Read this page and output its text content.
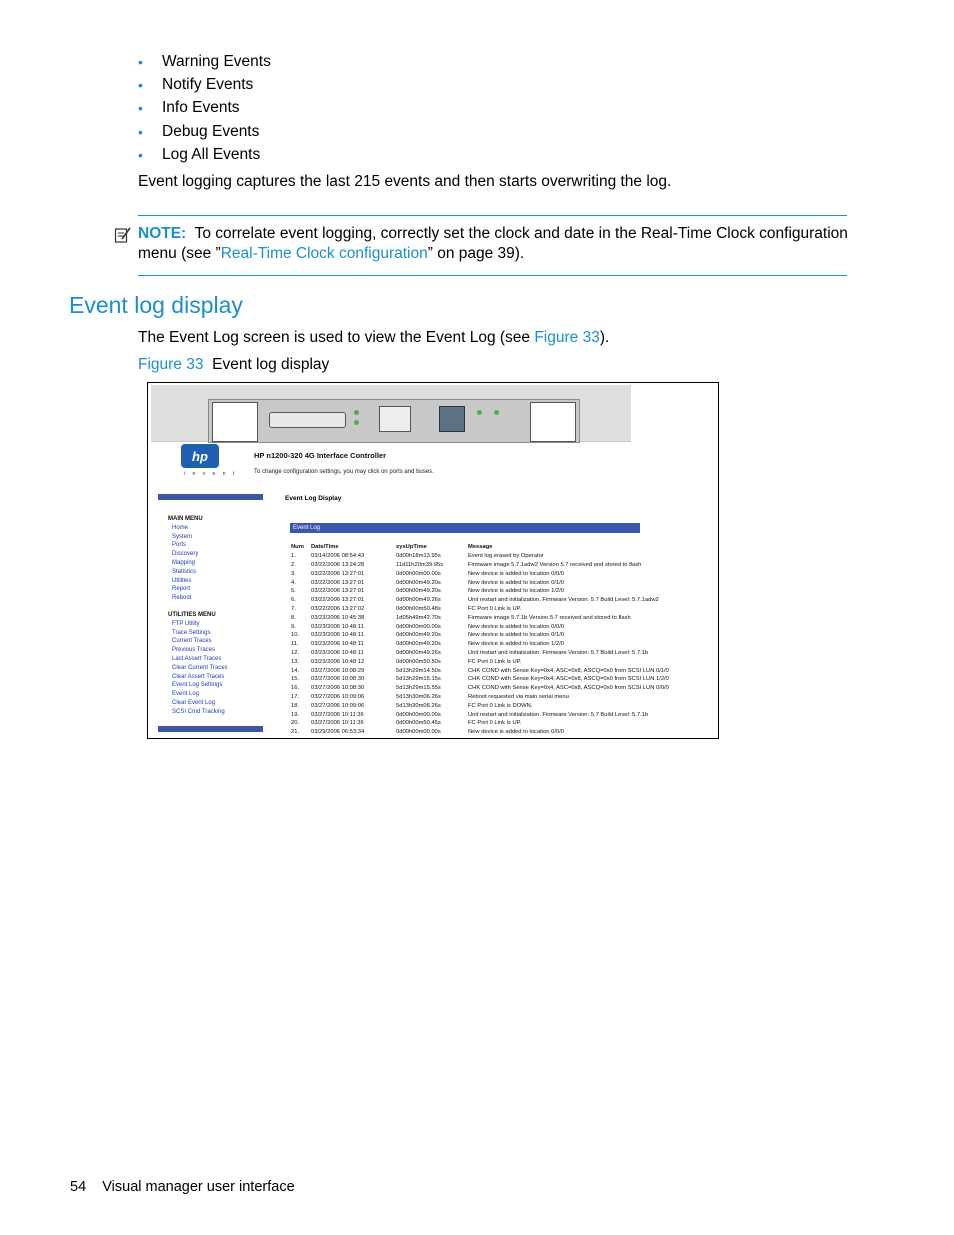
•	Warning Events
•	Notify Events
•	Info Events
•	Debug Events
•	Log All Events
Event logging captures the last 215 events and then starts overwriting the log.
NOTE: To correlate event logging, correctly set the clock and date in the Real-Time Clock configuration menu (see ”Real-Time Clock configuration” on page 39).
Event log display
The Event Log screen is used to view the Event Log (see Figure 33).
Figure 33 Event log display
hp
i n v e n t
HP n1200-320 4G Interface Controller
To change configuration settings, you may click on ports and buses.
Event Log Display
MAIN MENU
Home
System
Ports
Discovery
Mapping
Statistics
Utilities
Report
Reboot
UTILITIES MENU
FTP Utility
Trace Settings
Current Traces
Previous Traces
Last Assert Traces
Clear Current Traces
Clear Assert Traces
Event Log Settings
Event Log
Clear Event Log
SCSI Cmd Tracking
Event Log
Num	Date/Time	sysUpTime	Message
1.	03/14/2006 08:54:43	0d00h18m13.95s	Event log erased by Operator
2.	03/22/2006 13:24:28	11d11h20m39.95s	Firmware image 5.7.1adw2 Version 5.7 received and stored to flash
3.	03/22/2006 13:27:01	0d00h00m00.00s	New device is added to location 0/0/0
4.	03/22/2006 13:27:01	0d00h00m49.20s	New device is added to location 0/1/0
5.	03/22/2006 13:27:01	0d00h00m49.20s	New device is added to location 1/2/0
6.	03/22/2006 13:27:01	0d00h00m49.26s	Unit restart and initialization. Firmware Version: 5.7 Build Level: 5.7.1adw2
7.	03/22/2006 13:27:02	0d00h00m50.48s	FC Port 0 Link is UP.
8.	03/23/2006 10:45:38	1d05h49m42.70s	Firmware image 5.7.1b Version 5.7 received and stored to flash
9.	03/23/2006 10:48:11	0d00h00m00.00s	New device is added to location 0/0/0
10.	03/23/2006 10:48:11	0d00h00m49.20s	New device is added to location 0/1/0
11.	03/23/2006 10:48:11	0d00h00m49.20s	New device is added to location 1/2/0
12.	03/23/2006 10:48:11	0d00h00m49.26s	Unit restart and initialization. Firmware Version: 5.7 Build Level: 5.7.1b
13.	03/23/2006 10:48:12	0d00h00m50.50s	FC Port 0 Link is UP.
14.	03/27/2006 10:08:29	5d13h29m14.50s	CHK COND with Sense Key=0x4, ASC=0x8, ASCQ=0x0 from SCSI LUN 0/1/0
15.	03/27/2006 10:08:30	5d13h29m15.15s	CHK COND with Sense Key=0x4, ASC=0x8, ASCQ=0x0 from SCSI LUN 1/2/0
16.	03/27/2006 10:08:30	5d13h29m15.55s	CHK COND with Sense Key=0x4, ASC=0x8, ASCQ=0x0 from SCSI LUN 0/0/0
17.	03/27/2006 10:09:06	5d13h30m06.26s	Reboot requested via main serial menu
18.	03/27/2006 10:09:06	5d13h30m06.26s	FC Port 0 Link is DOWN.
19.	03/27/2006 10:11:36	0d00h00m00.00s	Unit restart and initialization. Firmware Version: 5.7 Build Level: 5.7.1b
20.	03/27/2006 10:11:36	0d00h00m50.45s	FC Port 0 Link is UP.
21.	03/29/2006 06:53:34	0d00h00m00.00s	New device is added to location 0/0/0
54 Visual manager user interface
